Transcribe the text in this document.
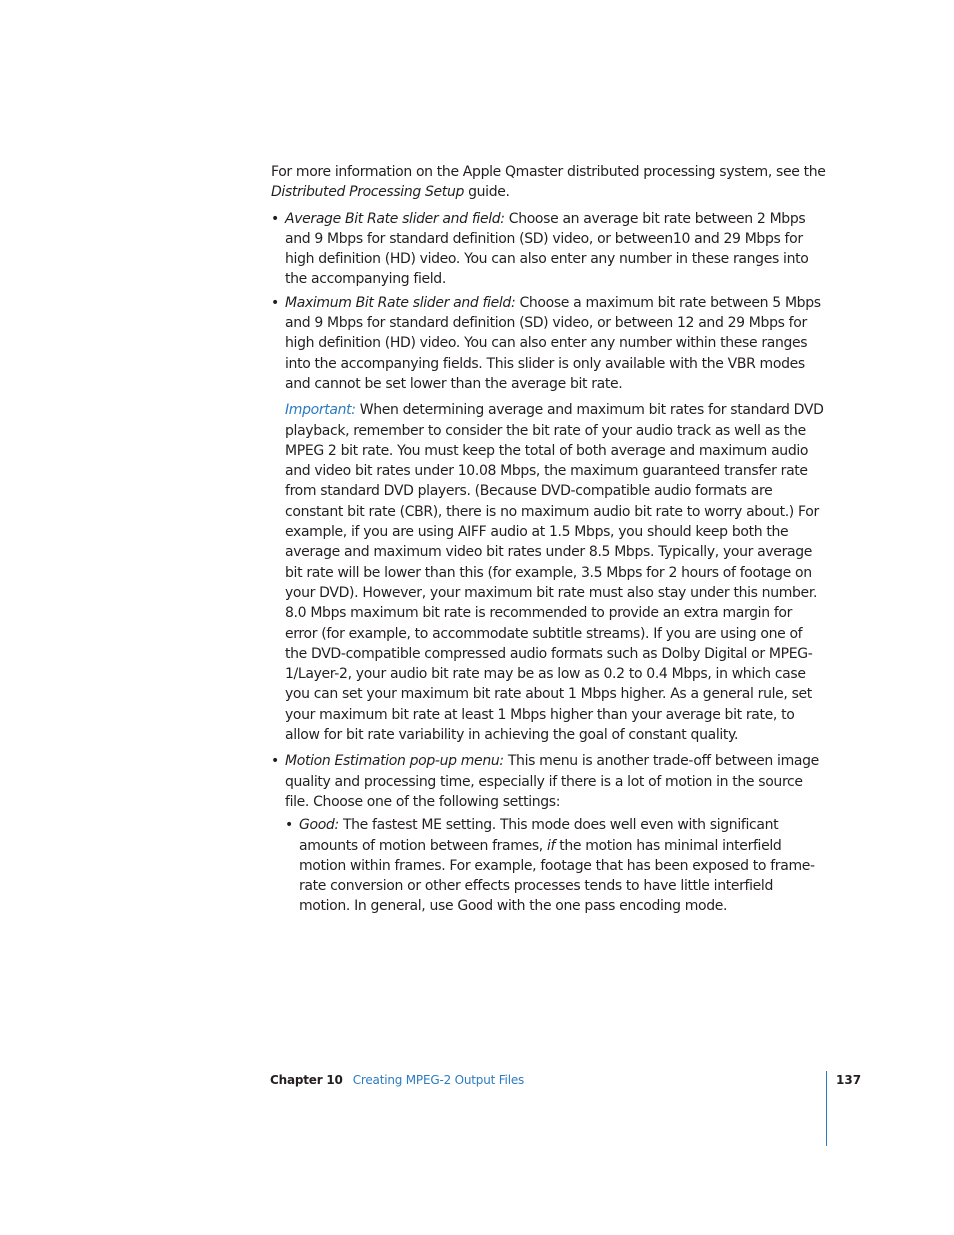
For more information on the Apple Qmaster distributed processing system, see the Distributed Processing Setup guide.

• Average Bit Rate slider and field: Choose an average bit rate between 2 Mbps and 9 Mbps for standard definition (SD) video, or between10 and 29 Mbps for high definition (HD) video. You can also enter any number in these ranges into the accompanying field.

• Maximum Bit Rate slider and field: Choose a maximum bit rate between 5 Mbps and 9 Mbps for standard definition (SD) video, or between 12 and 29 Mbps for high definition (HD) video. You can also enter any number within these ranges into the accompanying fields. This slider is only available with the VBR modes and cannot be set lower than the average bit rate.

Important: When determining average and maximum bit rates for standard DVD playback, remember to consider the bit rate of your audio track as well as the MPEG 2 bit rate. You must keep the total of both average and maximum audio and video bit rates under 10.08 Mbps, the maximum guaranteed transfer rate from standard DVD players. (Because DVD-compatible audio formats are constant bit rate (CBR), there is no maximum audio bit rate to worry about.) For example, if you are using AIFF audio at 1.5 Mbps, you should keep both the average and maximum video bit rates under 8.5 Mbps. Typically, your average bit rate will be lower than this (for example, 3.5 Mbps for 2 hours of footage on your DVD). However, your maximum bit rate must also stay under this number. 8.0 Mbps maximum bit rate is recommended to provide an extra margin for error (for example, to accommodate subtitle streams). If you are using one of the DVD-compatible compressed audio formats such as Dolby Digital or MPEG-1/Layer-2, your audio bit rate may be as low as 0.2 to 0.4 Mbps, in which case you can set your maximum bit rate about 1 Mbps higher. As a general rule, set your maximum bit rate at least 1 Mbps higher than your average bit rate, to allow for bit rate variability in achieving the goal of constant quality.

• Motion Estimation pop-up menu: This menu is another trade-off between image quality and processing time, especially if there is a lot of motion in the source file. Choose one of the following settings:

• Good: The fastest ME setting. This mode does well even with significant amounts of motion between frames, if the motion has minimal interfield motion within frames. For example, footage that has been exposed to frame-rate conversion or other effects processes tends to have little interfield motion. In general, use Good with the one pass encoding mode.

Chapter 10 Creating MPEG-2 Output Files	137
